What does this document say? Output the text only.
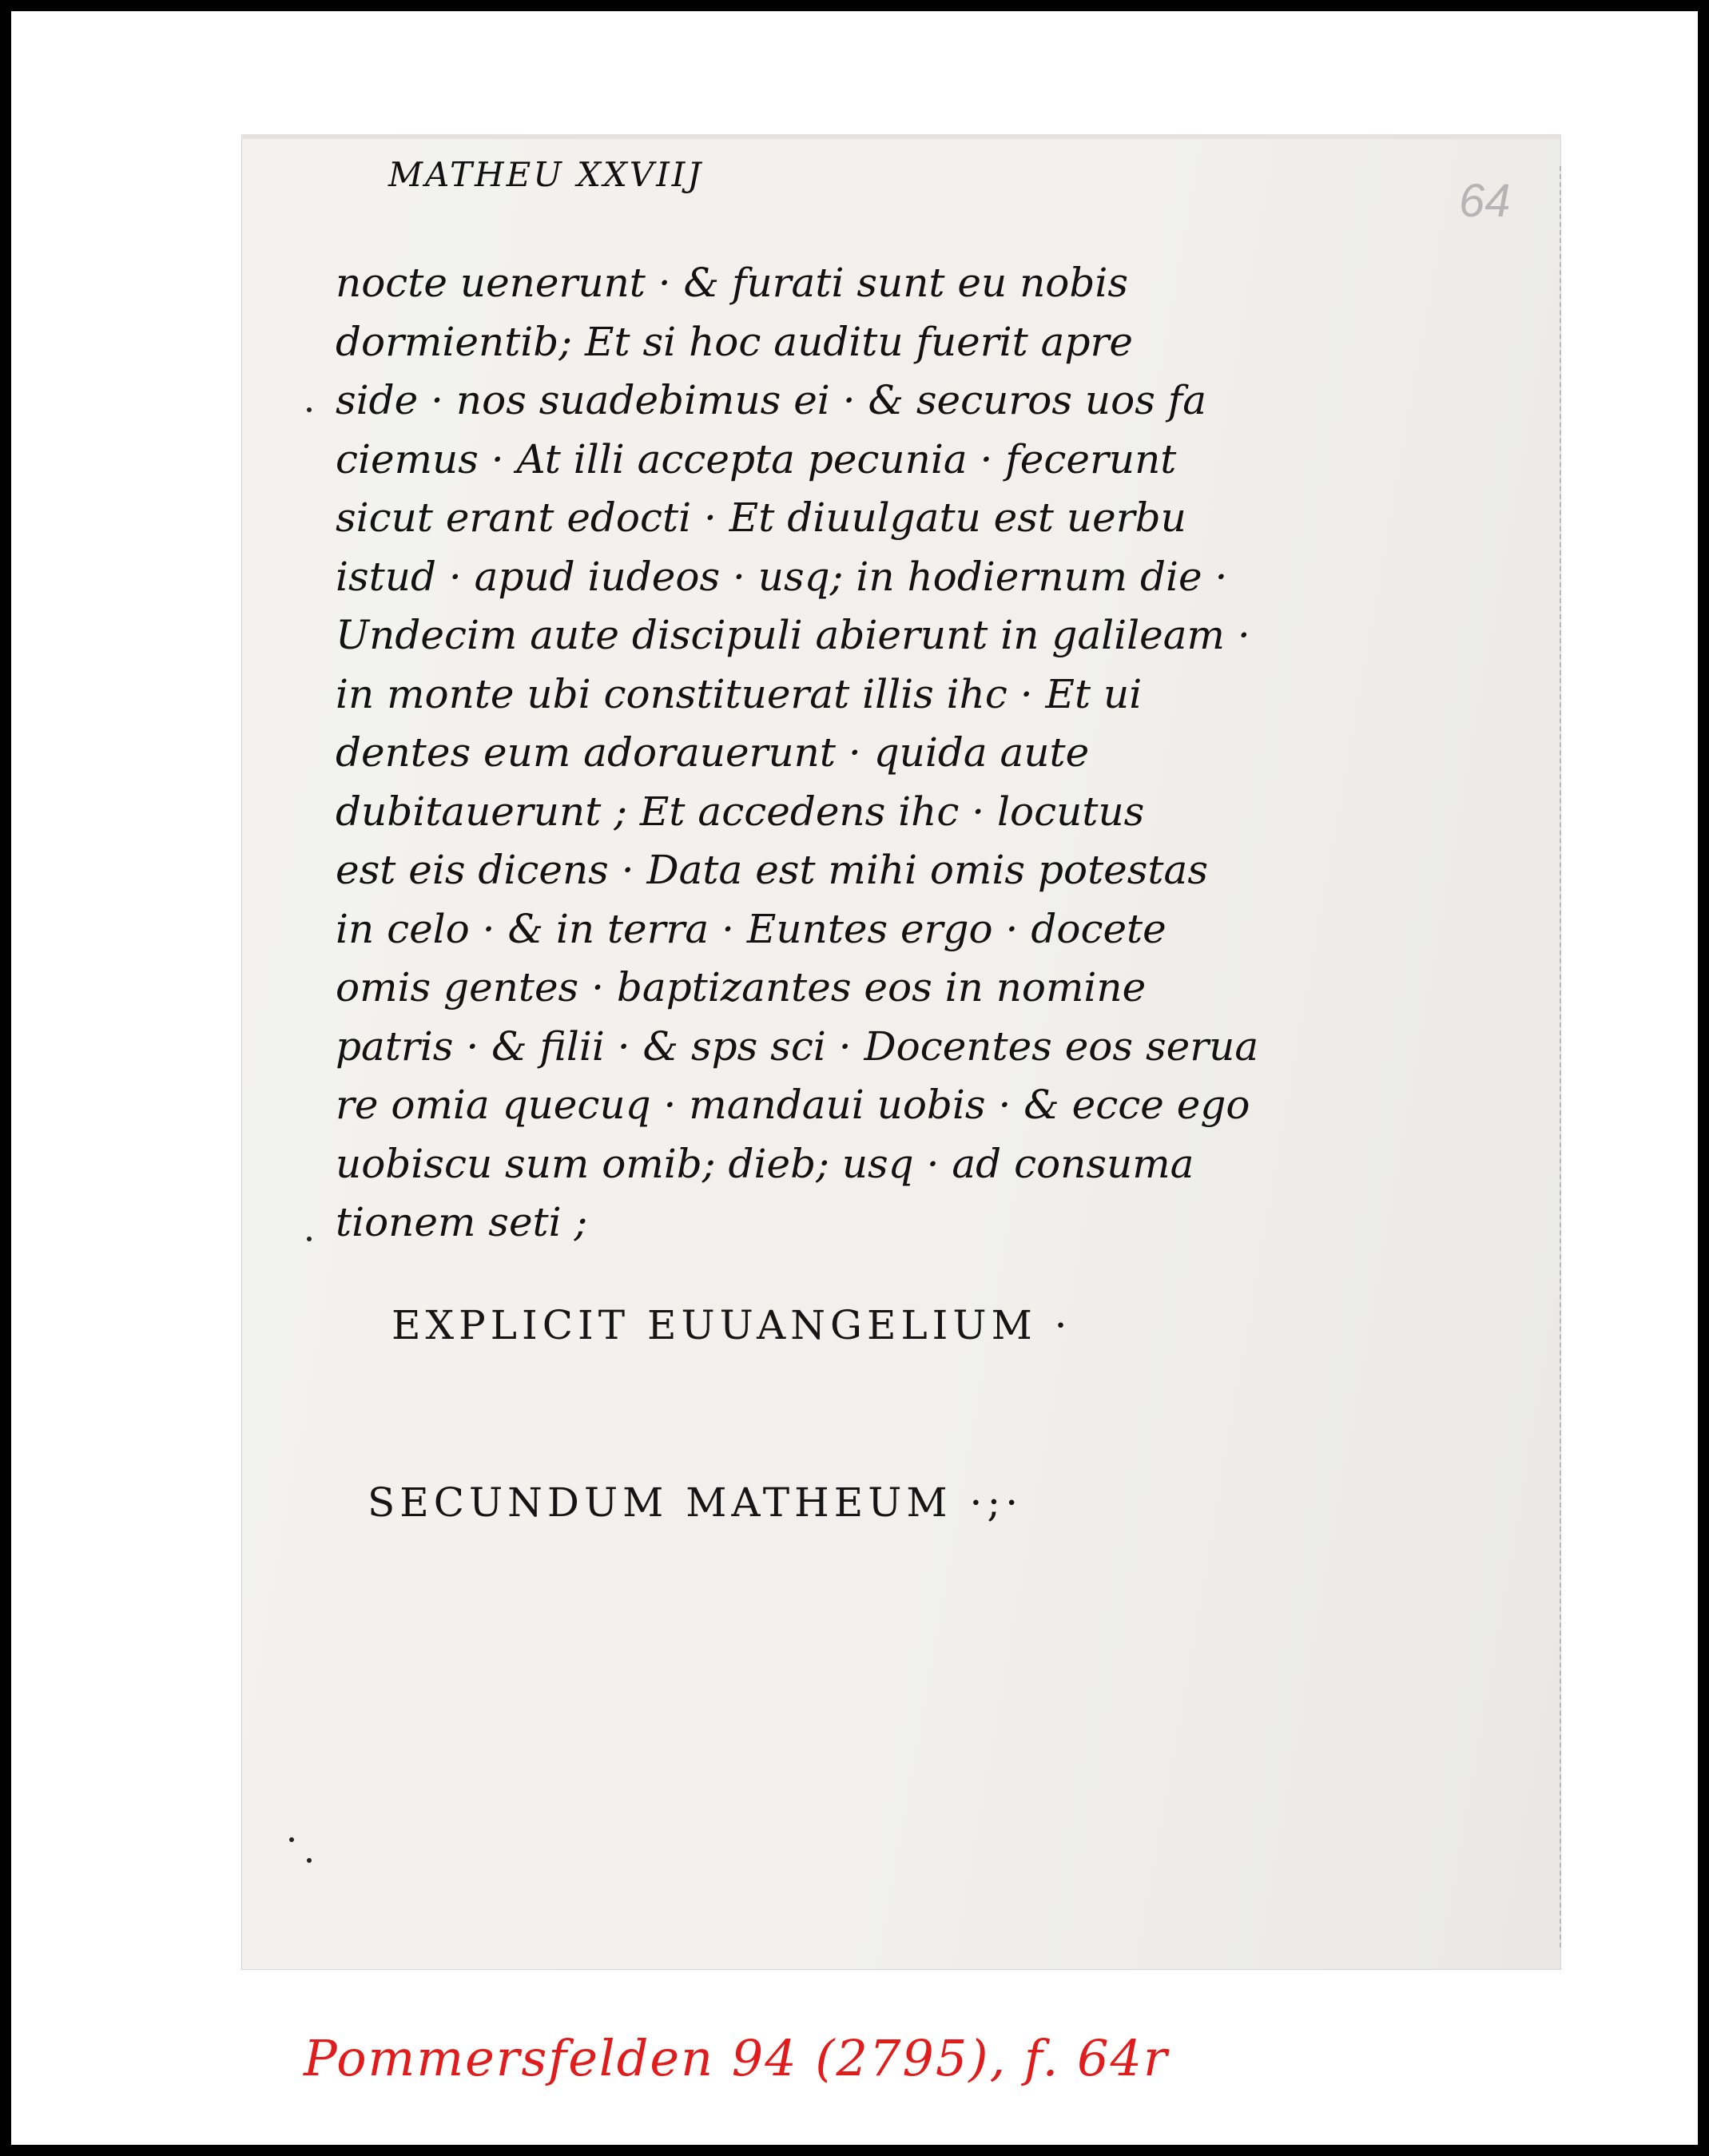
MATHEU XXVIIJ
64
nocte uenerunt · & furati sunt eu nobis
dormientib; Et si hoc auditu fuerit apre
side · nos suadebimus ei · & securos uos fa
ciemus · At illi accepta pecunia · fecerunt
sicut erant edocti · Et diuulgatu est uerbu
istud · apud iudeos · usq; in hodiernum die ·
Undecim aute discipuli abierunt in galileam ·
in monte ubi constituerat illis ihc · Et ui
dentes eum adorauerunt · quida aute
dubitauerunt ; Et accedens ihc · locutus
est eis dicens · Data est mihi omis potestas
in celo · & in terra · Euntes ergo · docete
omis gentes · baptizantes eos in nomine
patris · & filii · & sps sci · Docentes eos serua
re omia quecuq · mandaui uobis · & ecce ego
uobiscu sum omib; dieb; usq · ad consuma
tionem seti ;
EXPLICIT EUUANGELIUM ·
SECUNDUM MATHEUM ·;·
Pommersfelden 94 (2795), f. 64r
